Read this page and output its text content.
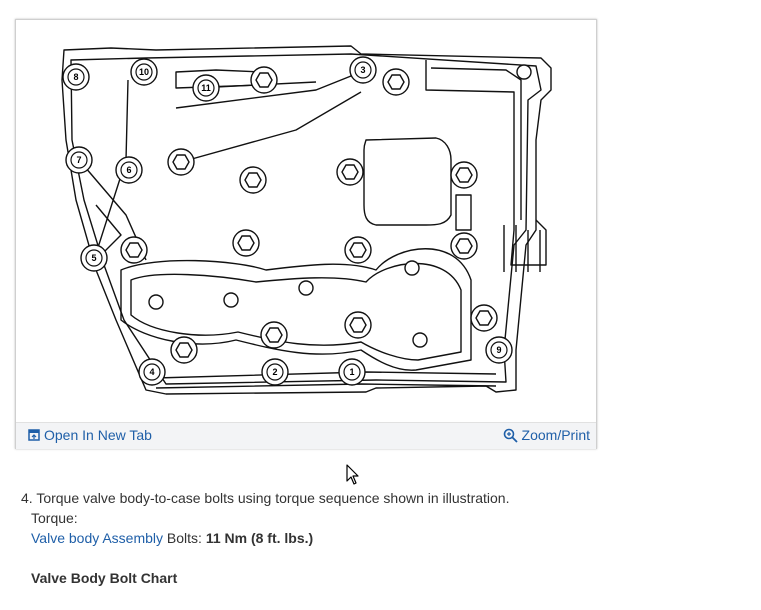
1
2
3
4
5
6
7
8
9
10
11
Open In New Tab	Zoom/Print
4. Torque valve body-to-case bolts using torque sequence shown in illustration.
Torque:
Valve body Assembly Bolts: 11 Nm (8 ft. lbs.)
Valve Body Bolt Chart
